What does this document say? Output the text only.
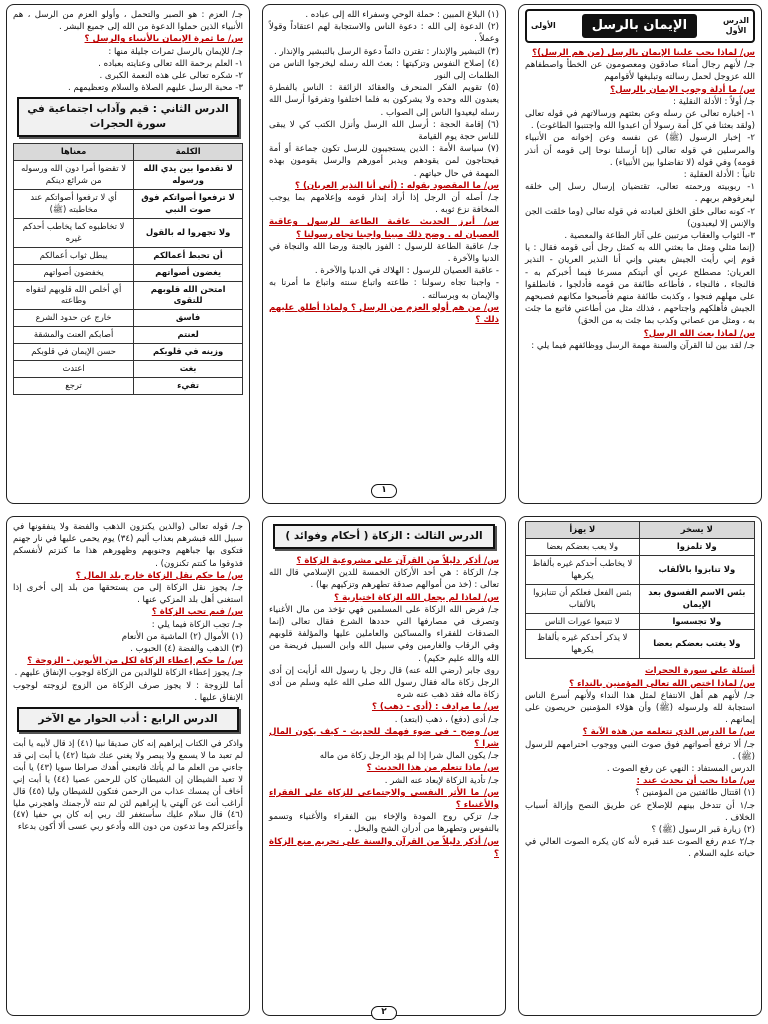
الدرس
الأول
الإيمان بالرسل
الأولى
س/ لماذا يجب علينا الإيمان بالرسل (من هم الرسل)؟
جـ/ لأنهم رجال أمناء صادقون ومعصومون عن الخطأ واصطفاهم الله عزوجل لحمل رسالته وتبليغها لأقوامهم
س/ ما أدلة وجوب الإيمان بالرسل؟
جـ/ أولاً : الأدلة النقلية :
١- إخباره تعالى عن رسله وعن بعثتهم ورسالاتهم في قوله تعالى (ولقد بعثنا في كل أمة رسولا أن اعبدوا الله واجتنبوا الطاغوت) .
٢- إخبار الرسول (ﷺ) عن نفسه وعن إخوانه من الأنبياء والمرسلين في قوله تعالى (إنا أرسلنا نوحا إلى قومه أن أنذر قومه) وفي قوله (لا تفاضلوا بين الأنبياء) .
ثانياً : الأدلة العقلية :
١- ربوبيته ورحمته تعالى، تقتضيان إرسال رسل إلى خلقه ليعرفوهم بربهم .
٢- كونه تعالى خلق الخلق لعبادته في قوله تعالى (وما خلقت الجن والإنس إلا ليعبدون)
٣- الثواب والعقاب مرتبين على آثار الطاعة والمعصية .
(إنما مثلي ومثل ما بعثني الله به كمثل رجل أتى قومه فقال : يا قوم إني رأيت الجيش بعيني وإني أنا النذير العريان - النذير العريان: مصطلح عربي أي أتيتكم مسرعا فيما أخبركم به - فالنجاء ، فالنجاء ، فأطاعه طائفة من قومه فأدلجوا ، فانطلقوا على مهلهم فنجوا ، وكذبت طائفة منهم فأصبحوا مكانهم فصبحهم الجيش فأهلكهم واجتاحهم ، فذلك مثل من أطاعني فاتبع ما جئت به ، ومثل من عصاني وكذب بما جئت به من الحق)
س/ لماذا بعث الله الرسل؟
جـ/ لقد بين لنا القرآن والسنة مهمة الرسل ووظائفهم فيما يلي :
(١) البلاغ المبين : حملة الوحي وسفراء الله إلى عباده .
(٢) الدعوة إلى الله : دعوة الناس والاستجابة لهم اعتقاداً وقولاً وعملاً .
(٣) التبشير والإنذار : تقترن دائماً دعوة الرسل بالتبشير والإنذار .
(٤) إصلاح النفوس وتزكيتها : بعث الله رسله ليخرجوا الناس من الظلمات إلى النور
(٥) تقويم الفكر المنحرف والعقائد الزائفة : الناس بالفطرة يعبدون الله وحده ولا يشركون به فلما اختلفوا وتفرقوا أرسل الله رسله ليعيدوا الناس إلى الصواب .
(٦) إقامة الحجة : أرسل الله الرسل وأنزل الكتب كي لا يبقى للناس حجة يوم القيامة
(٧) سياسة الأمة : الذين يستجيبون للرسل تكون جماعة أو أمة فيحتاجون لمن يقودهم ويدبر أمورهم والرسل يقومون بهذه المهمة في حال حياتهم .
س/ ما المقصود بقوله : (أني أنا النذير العريان) ؟
جـ/ أصله أن الرجل إذا أراد إنذار قومه وإعلامهم بما يوجب المخافة نزع ثوبه .
س/ أبرز الحديث عاقبة الطاعة للرسول وعاقبة العصيان له . وضح ذلك مبينا واجبنا تجاه رسولنا ؟
جـ/ عاقبة الطاعة للرسول : الفوز بالجنة ورضا الله والنجاة في الدنيا والآخرة .
- عاقبة العصيان للرسول : الهلاك في الدنيا والآخرة .
- واجبنا تجاه رسولنا : طاعته واتباع سنته واتباع ما أمرنا به والإيمان به وبرسالته .
س/ من هم أولو العزم من الرسل ؟ ولماذا أطلق عليهم ذلك ؟
جـ/ العزم : هو الصبر والتحمل ، وأولو العزم من الرسل ، هم الأنبياء الذين حملوا الدعوة من الله إلى جميع البشر .
س/ ما ثمرة الإيمان بالأنبياء والرسل ؟
جـ/ للإيمان بالرسل ثمرات جليلة منها :
١- العلم برحمة الله تعالى وعنايته بعباده .
٢- شكره تعالى على هذه النعمة الكبرى .
٣- محبة الرسل عليهم الصلاة والسلام وتعظيمهم .
الدرس الثاني : قيم وآداب اجتماعية في سورة الحجرات
الكلمة	معناها
لا تقدموا بين يدي الله ورسوله	لا تقضوا أمرا دون الله ورسوله من شرائع دينكم
لا ترفعوا أصواتكم فوق صوت النبي	أي لا ترفعوا أصواتكم عند مخاطبته (ﷺ)
ولا تجهروا له بالقول	لا تخاطبوه كما يخاطب أحدكم غيره
أن تحبط أعمالكم	يبطل ثواب أعمالكم
يغضون أصواتهم	يخفضون أصواتهم
امتحن الله قلوبهم للتقوى	أي أخلص الله قلوبهم لتقواه وطاعته
فاسق	خارج عن حدود الشرع
لعنتم	أصابكم العنت والمشقة
وزينه في قلوبكم	حسن الإيمان في قلوبكم
بغت	اعتدت
تفيء	ترجع
١
لا يسخر	لا يهزأ
ولا تلمزوا	ولا يعب بعضكم بعضا
ولا تنابزوا بالألقاب	لا يخاطب أحدكم غيره بألفاظ يكرهها
بئس الاسم الفسوق بعد الإيمان	بئس الفعل فعلكم أن تتنابزوا بالألقاب
ولا تجسسوا	لا تتبعوا عورات الناس
ولا يغتب بعضكم بعضا	لا يذكر أحدكم غيره بألفاظ يكرهها
أسئلة على سورة الحجرات
س/ لماذا اختص الله تعالى المؤمنين بالنداء ؟
جـ/ لأنهم هم أهل الانتفاع لمثل هذا النداء ولأنهم أسرع الناس استجابة لله ولرسوله (ﷺ) وأن هؤلاء المؤمنين حريصون على إيمانهم .
س/ ما الدرس الذي تتعلمه من هذه الآية ؟
جـ/ ألا ترفع أصواتهم فوق صوت النبي ووجوب احترامهم للرسول (ﷺ) .
الدرس المستفاد : النهي عن رفع الصوت .
س/ ماذا يجب أن يحدث عند :
(١) اقتتال طائفتين من المؤمنين ؟
جـ/١ أن تتدخل بينهم للإصلاح عن طريق النصح وإزالة أسباب الخلاف .
(٢) زيارة قبر الرسول (ﷺ) ؟
جـ/٢ عدم رفع الصوت عند قبره لأنه كان يكره الصوت العالي في حياته عليه السلام .
الدرس الثالث : الزكاة ( أحكام وفوائد )
س/ أذكر دليلاً من القرآن على مشروعية الزكاة ؟
جـ/ الزكاة : هي أحد الأركان الخمسة للدين الإسلامي قال الله تعالى : (خذ من أموالهم صدقة تطهرهم وتزكيهم بها) .
س/ لماذا لم يجعل الله الزكاة اختيارية ؟
جـ/ فرض الله الزكاة على المسلمين فهي تؤخذ من مال الأغنياء وتصرف في مصارفها التي حددها الشرع فقال تعالى (إنما الصدقات للفقراء والمساكين والعاملين عليها والمؤلفة قلوبهم وفي الرقاب والغارمين وفي سبيل الله وابن السبيل فريضة من الله والله عليم حكيم) .
روى جابر (رضي الله عنه) قال رجل يا رسول الله أرأيت إن أدى الرجل زكاة ماله فقال رسول الله صلى الله عليه وسلم من أدى زكاة ماله فقد ذهب عنه شره
س/ ما مرادف : (أدى - ذهب) ؟
جـ/ أدى (دفع) ، ذهب (ابتعد) .
س/ وضح - في ضوء فهمك للحديث - كيف يكون المال شرا ؟
جـ/ يكون المال شرا إذا لم يؤد الرجل زكاة من ماله
س/ ماذا تتعلم من هذا الحديث ؟
جـ/ تأدية الزكاة لإبعاد عنه الشر .
س/ ما الأثر النفسي والاجتماعي للزكاة على الفقراء والأغنياء ؟
جـ/ تزكي روح المودة والإخاء بين الفقراء والأغنياء وتسمو بالنفوس وتطهرها من أدران الشح والبخل .
س/ أذكر دليلاً من القرآن والسنة على تحريم منع الزكاة ؟
جـ/ قوله تعالى (والذين يكنزون الذهب والفضة ولا ينفقونها في سبيل الله فبشرهم بعذاب أليم (٣٤) يوم يحمى عليها في نار جهنم فتكوى بها جباههم وجنوبهم وظهورهم هذا ما كنزتم لأنفسكم فذوقوا ما كنتم تكنزون) .
س/ ما حكم نقل الزكاة خارج بلد المال ؟
جـ/ يجوز نقل الزكاة إلى من يستحقها من بلد إلى أخرى إذا استغنى أهل بلد المزكي عنها .
س/ فيم تجب الزكاة ؟
جـ/ تجب الزكاة فيما يلي :
(١) الأموال (٢) الماشية من الأنعام
(٣) الذهب والفضة (٤) الحبوب .
س/ ما حكم إعطاء الزكاة لكل من الأبوين - الزوجة ؟
جـ/ يجوز إعطاء الزكاة للوالدين من الزكاة لوجوب الإنفاق عليهم .
أما للزوجة : لا يجوز صرف الزكاة من الزوج لزوجته لوجوب الإنفاق عليها .
الدرس الرابع : أدب الحوار مع الآخر
واذكر في الكتاب إبراهيم إنه كان صديقا نبيا (٤١) إذ قال لأبيه يا أبت لم تعبد ما لا يسمع ولا يبصر ولا يغني عنك شيئا (٤٢) يا أبت إني قد جاءني من العلم ما لم يأتك فاتبعني أهدك صراطا سويا (٤٣) يا أبت لا تعبد الشيطان إن الشيطان كان للرحمن عصيا (٤٤) يا أبت إني أخاف أن يمسك عذاب من الرحمن فتكون للشيطان وليا (٤٥) قال أراغب أنت عن آلهتي يا إبراهيم لئن لم تنته لأرجمنك واهجرني مليا (٤٦) قال سلام عليك سأستغفر لك ربي إنه كان بي حفيا (٤٧) وأعتزلكم وما تدعون من دون الله وأدعو ربي عسى ألا أكون بدعاء
٢
